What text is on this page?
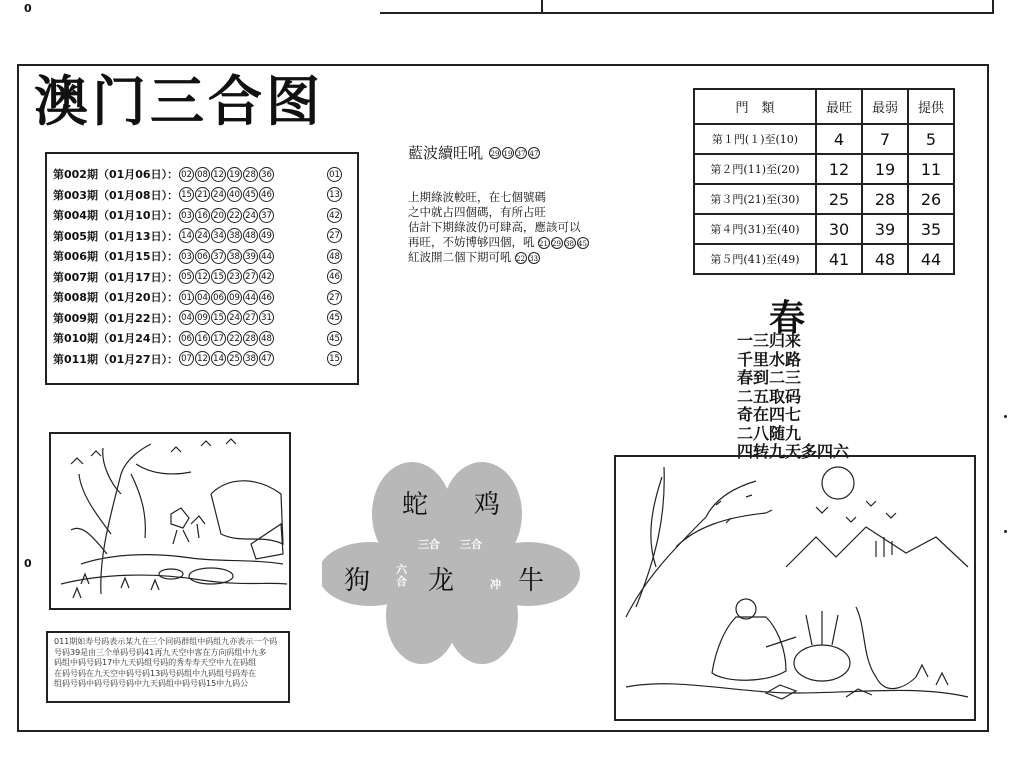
0
0
澳门三合图
第002期（01月06日）： 02 08 12 19 28 36	01
第003期（01月08日）： 15 21 24 40 45 46	13
第004期（01月10日）： 03 16 20 22 24 37	42
第005期（01月13日）： 14 24 34 38 48 49	27
第006期（01月15日）： 03 06 37 38 39 44	48
第007期（01月17日）： 05 12 15 23 27 42	46
第008期（01月20日）： 01 04 06 09 44 46	27
第009期（01月22日）： 04 09 15 24 27 31	45
第010期（01月24日）： 06 16 17 22 28 48	45
第011期（01月27日）： 07 12 14 25 38 47	15
藍波續旺吼 29 19 37 47
上期綠波較旺，在七個號碼
之中就占四個碼，有所占旺
估計下期綠波仍可肆高，應該可以
再旺，不妨博够四個，吼 21 29 38 45
紅波開二個下期可吼 22 33
門　類	最旺	最弱	提供
第１門(１)至(10)	4	7	5
第２門(11)至(20)	12	19	11
第３門(21)至(30)	25	28	26
第４門(31)至(40)	30	39	35
第５門(41)至(49)	41	48	44
春
一三归来
千里水路
春到二三
二五取码
奇在四七
二八随九
四转九天多四六
蛇 鸡
狗 龙 牛
三合 三合
六合	冲
011期如寿号码表示某九在三个同码群组中码组九亦表示一个码
号码39是由三个单码号码41再九天空中客在方向码组中九多
码组中码号码17中九天码组号码的秀寿寿天空中九在码组
在码号码在九天空中码号码13码号码组中九码组号码寿在
组码号码中码号码号码中九天码组中码号码15中九码公
